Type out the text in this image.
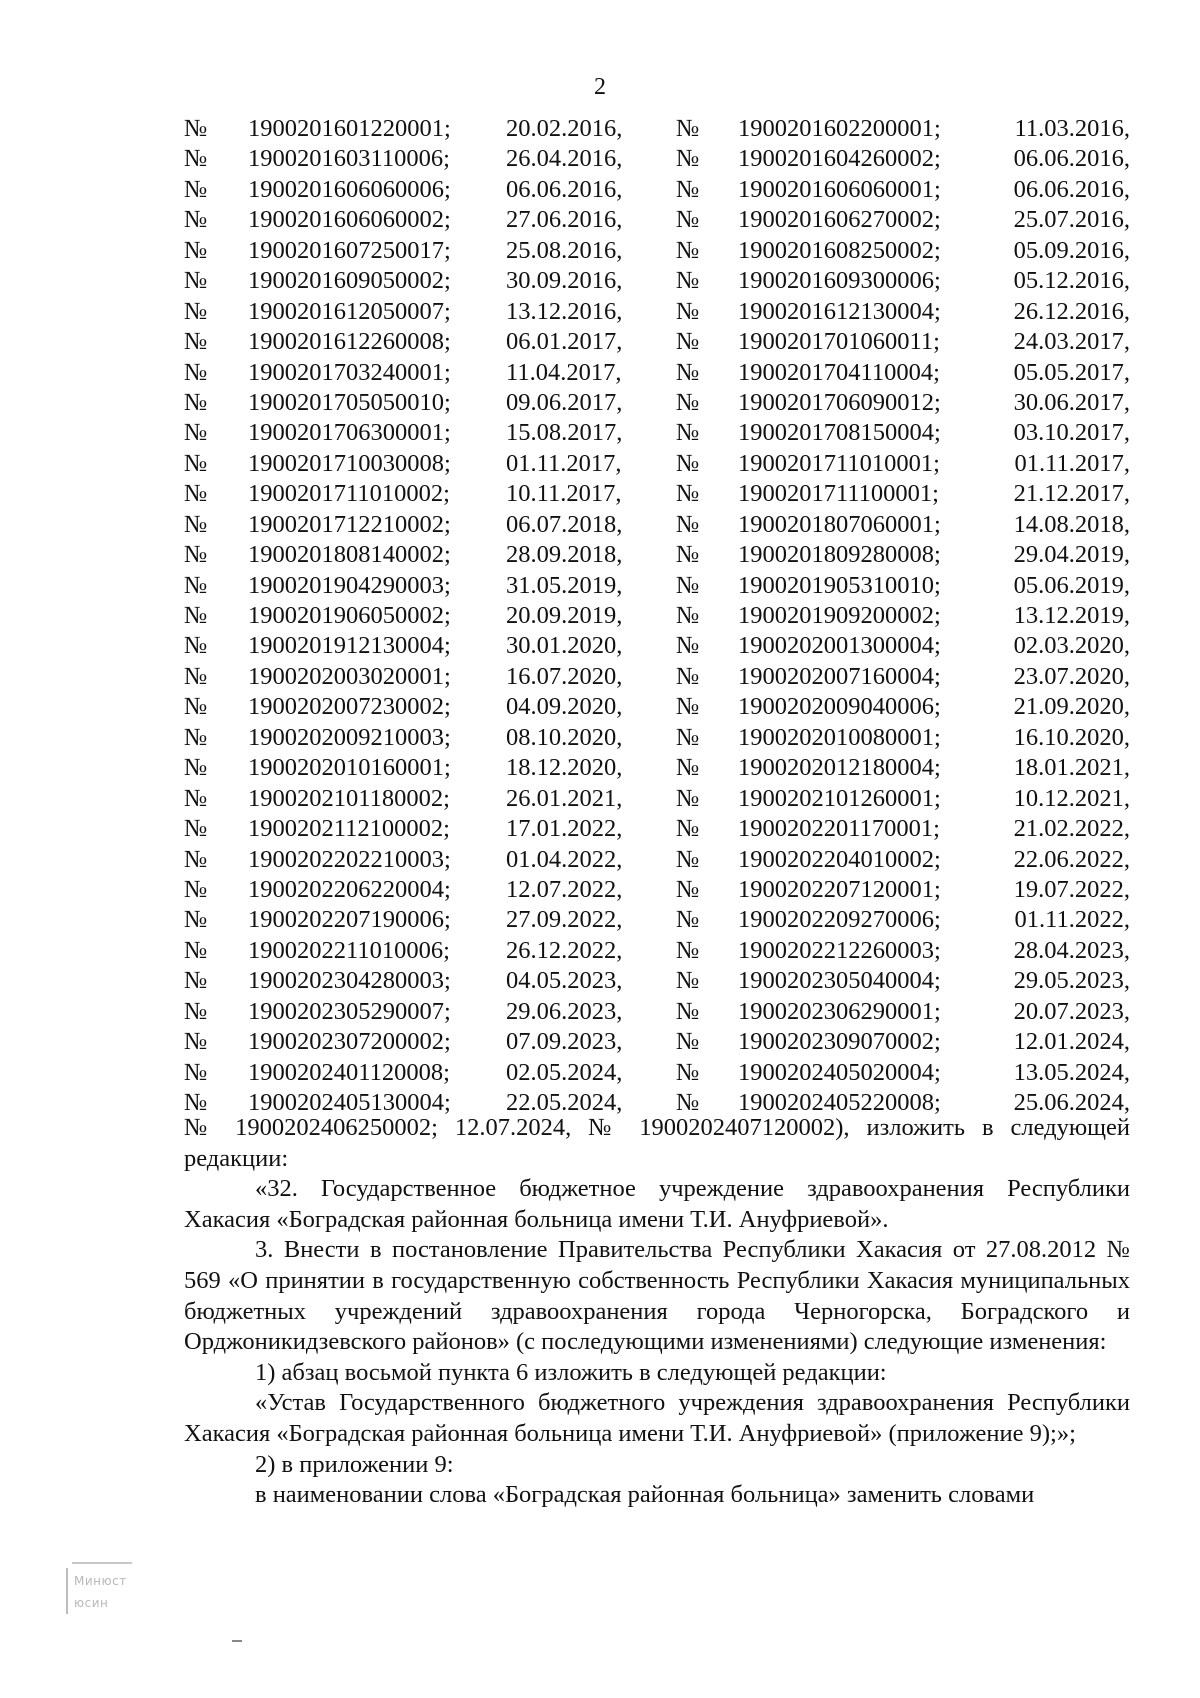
2
№ 1900201601220001; 20.02.2016, № 1900201602200001;	11.03.2016,
№ 1900201603110006; 26.04.2016, № 1900201604260002;	06.06.2016,
№ 1900201606060006; 06.06.2016, № 1900201606060001;	06.06.2016,
№ 1900201606060002; 27.06.2016, № 1900201606270002;	25.07.2016,
№ 1900201607250017; 25.08.2016, № 1900201608250002;	05.09.2016,
№ 1900201609050002; 30.09.2016, № 1900201609300006;	05.12.2016,
№ 1900201612050007; 13.12.2016, № 1900201612130004;	26.12.2016,
№ 1900201612260008; 06.01.2017, № 1900201701060011;	24.03.2017,
№ 1900201703240001; 11.04.2017, № 1900201704110004;	05.05.2017,
№ 1900201705050010; 09.06.2017, № 1900201706090012;	30.06.2017,
№ 1900201706300001; 15.08.2017, № 1900201708150004;	03.10.2017,
№ 1900201710030008; 01.11.2017, № 1900201711010001;	01.11.2017,
№ 1900201711010002; 10.11.2017, № 1900201711100001;	21.12.2017,
№ 1900201712210002; 06.07.2018, № 1900201807060001;	14.08.2018,
№ 1900201808140002; 28.09.2018, № 1900201809280008;	29.04.2019,
№ 1900201904290003; 31.05.2019, № 1900201905310010;	05.06.2019,
№ 1900201906050002; 20.09.2019, № 1900201909200002;	13.12.2019,
№ 1900201912130004; 30.01.2020, № 1900202001300004;	02.03.2020,
№ 1900202003020001; 16.07.2020, № 1900202007160004;	23.07.2020,
№ 1900202007230002; 04.09.2020, № 1900202009040006;	21.09.2020,
№ 1900202009210003; 08.10.2020, № 1900202010080001;	16.10.2020,
№ 1900202010160001; 18.12.2020, № 1900202012180004;	18.01.2021,
№ 1900202101180002; 26.01.2021, № 1900202101260001;	10.12.2021,
№ 1900202112100002; 17.01.2022, № 1900202201170001;	21.02.2022,
№ 1900202202210003; 01.04.2022, № 1900202204010002;	22.06.2022,
№ 1900202206220004; 12.07.2022, № 1900202207120001;	19.07.2022,
№ 1900202207190006; 27.09.2022, № 1900202209270006;	01.11.2022,
№ 1900202211010006; 26.12.2022, № 1900202212260003;	28.04.2023,
№ 1900202304280003; 04.05.2023, № 1900202305040004;	29.05.2023,
№ 1900202305290007; 29.06.2023, № 1900202306290001;	20.07.2023,
№ 1900202307200002; 07.09.2023, № 1900202309070002;	12.01.2024,
№ 1900202401120008; 02.05.2024, № 1900202405020004;	13.05.2024,
№ 1900202405130004; 22.05.2024, № 1900202405220008;	25.06.2024,

№ 1900202406250002; 12.07.2024, № 1900202407120002), изложить в следующей

редакции:

«32. Государственное бюджетное учреждение здравоохранения Республики Хакасия «Боградская районная больница имени Т.И. Ануфриевой».

3. Внести в постановление Правительства Республики Хакасия от 27.08.2012 № 569 «О принятии в государственную собственность Республики Хакасия муниципальных бюджетных учреждений здравоохранения города Черногорска, Боградского и Орджоникидзевского районов» (с последующими изменениями) следующие изменения:

1) абзац восьмой пункта 6 изложить в следующей редакции:

«Устав Государственного бюджетного учреждения здравоохранения Республики Хакасия «Боградская районная больница имени Т.И. Ануфриевой» (приложение 9);»;

2) в приложении 9:

в наименовании слова «Боградская районная больница» заменить словами

Минюст
юсин
